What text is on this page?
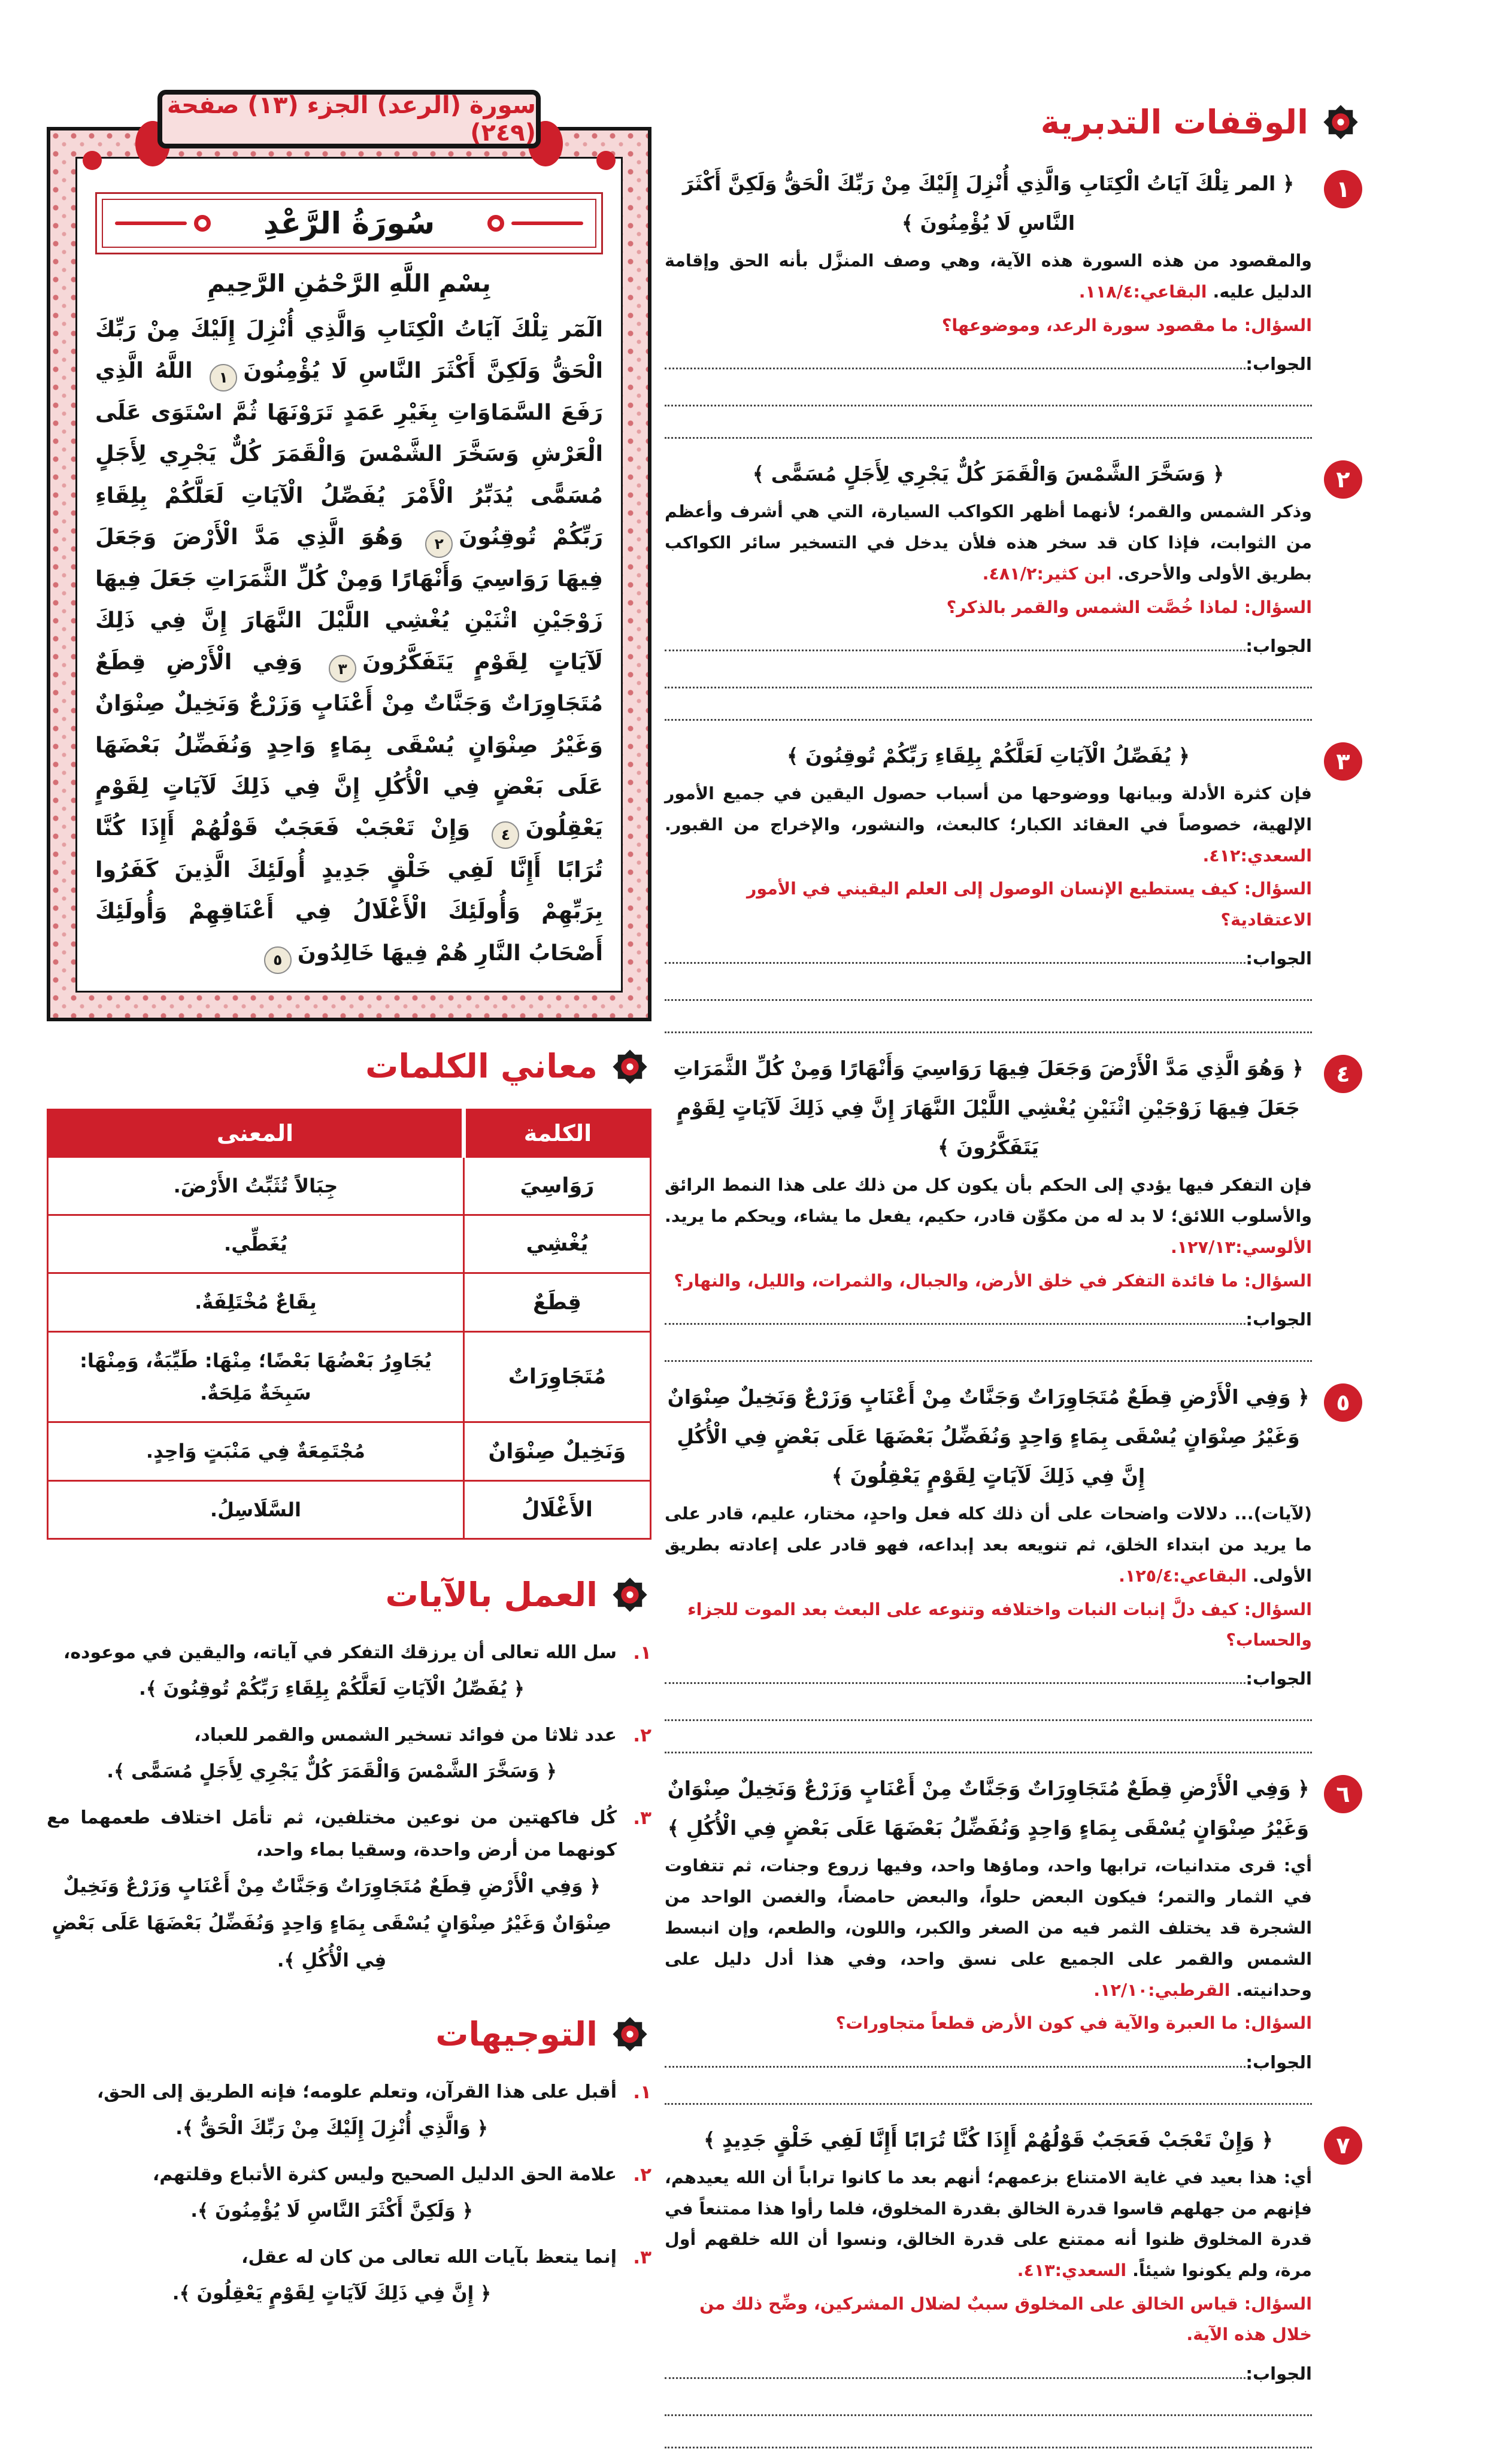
الوقفات التدبرية
١
﴿ المر تِلْكَ آيَاتُ الْكِتَابِ وَالَّذِي أُنْزِلَ إِلَيْكَ مِنْ رَبِّكَ الْحَقُّ وَلَكِنَّ أَكْثَرَ النَّاسِ لَا يُؤْمِنُونَ ﴾

والمقصود من هذه السورة هذه الآية، وهي وصف المنزَّل بأنه الحق وإقامة الدليل عليه. البقاعي:١١٨/٤.

السؤال: ما مقصود سورة الرعد، وموضوعها؟

الجواب:
٢
﴿ وَسَخَّرَ الشَّمْسَ وَالْقَمَرَ كُلٌّ يَجْرِي لِأَجَلٍ مُسَمًّى ﴾

وذكر الشمس والقمر؛ لأنهما أظهر الكواكب السيارة، التي هي أشرف وأعظم من الثوابت، فإذا كان قد سخر هذه فلأن يدخل في التسخير سائر الكواكب بطريق الأولى والأحرى. ابن كثير:٤٨١/٢.

السؤال: لماذا خُصَّت الشمس والقمر بالذكر؟

الجواب:
٣
﴿ يُفَصِّلُ الْآيَاتِ لَعَلَّكُمْ بِلِقَاءِ رَبِّكُمْ تُوقِنُونَ ﴾

فإن كثرة الأدلة وبيانها ووضوحها من أسباب حصول اليقين في جميع الأمور الإلهية، خصوصاً في العقائد الكبار؛ كالبعث، والنشور، والإخراج من القبور. السعدي:٤١٢.

السؤال: كيف يستطيع الإنسان الوصول إلى العلم اليقيني في الأمور الاعتقادية؟

الجواب:
٤
﴿ وَهُوَ الَّذِي مَدَّ الْأَرْضَ وَجَعَلَ فِيهَا رَوَاسِيَ وَأَنْهَارًا وَمِنْ كُلِّ الثَّمَرَاتِ جَعَلَ فِيهَا زَوْجَيْنِ اثْنَيْنِ يُغْشِي اللَّيْلَ النَّهَارَ إِنَّ فِي ذَلِكَ لَآيَاتٍ لِقَوْمٍ يَتَفَكَّرُونَ ﴾

فإن التفكر فيها يؤدي إلى الحكم بأن يكون كل من ذلك على هذا النمط الرائق والأسلوب اللائق؛ لا بد له من مكوِّن قادر، حكيم، يفعل ما يشاء، ويحكم ما يريد. الألوسي:١٢٧/١٣.

السؤال: ما فائدة التفكر في خلق الأرض، والجبال، والثمرات، والليل، والنهار؟

الجواب:
٥
﴿ وَفِي الْأَرْضِ قِطَعٌ مُتَجَاوِرَاتٌ وَجَنَّاتٌ مِنْ أَعْنَابٍ وَزَرْعٌ وَنَخِيلٌ صِنْوَانٌ وَغَيْرُ صِنْوَانٍ يُسْقَى بِمَاءٍ وَاحِدٍ وَنُفَضِّلُ بَعْضَهَا عَلَى بَعْضٍ فِي الْأُكُلِ إِنَّ فِي ذَلِكَ لَآيَاتٍ لِقَوْمٍ يَعْقِلُونَ ﴾

(لآيات)... دلالات واضحات على أن ذلك كله فعل واحدٍ، مختار، عليم، قادر على ما يريد من ابتداء الخلق، ثم تنويعه بعد إبداعه، فهو قادر على إعادته بطريق الأولى. البقاعي:١٢٥/٤.

السؤال: كيف دلَّ إنبات النبات واختلافه وتنوعه على البعث بعد الموت للجزاء والحساب؟

الجواب:
٦
﴿ وَفِي الْأَرْضِ قِطَعٌ مُتَجَاوِرَاتٌ وَجَنَّاتٌ مِنْ أَعْنَابٍ وَزَرْعٌ وَنَخِيلٌ صِنْوَانٌ وَغَيْرُ صِنْوَانٍ يُسْقَى بِمَاءٍ وَاحِدٍ وَنُفَضِّلُ بَعْضَهَا عَلَى بَعْضٍ فِي الْأُكُلِ ﴾

أي: قرى متدانيات، ترابها واحد، وماؤها واحد، وفيها زروع وجنات، ثم تتفاوت في الثمار والتمر؛ فيكون البعض حلواً، والبعض حامضاً، والغصن الواحد من الشجرة قد يختلف الثمر فيه من الصغر والكبر، واللون، والطعم، وإن انبسط الشمس والقمر على الجميع على نسق واحد، وفي هذا أدل دليل على وحدانيته. القرطبي:١٢/١٠.

السؤال: ما العبرة والآية في كون الأرض قطعاً متجاورات؟

الجواب:
٧
﴿ وَإِنْ تَعْجَبْ فَعَجَبٌ قَوْلُهُمْ أَإِذَا كُنَّا تُرَابًا أَإِنَّا لَفِي خَلْقٍ جَدِيدٍ ﴾

أي: هذا بعيد في غاية الامتناع بزعمهم؛ أنهم بعد ما كانوا تراباً أن الله يعيدهم، فإنهم من جهلهم قاسوا قدرة الخالق بقدرة المخلوق، فلما رأوا هذا ممتنعاً في قدرة المخلوق ظنوا أنه ممتنع على قدرة الخالق، ونسوا أن الله خلقهم أول مرة، ولم يكونوا شيئاً. السعدي:٤١٣.

السؤال: قياس الخالق على المخلوق سببٌ لضلال المشركين، وضِّح ذلك من خلال هذه الآية.

الجواب:
سورة (الرعد) الجزء (١٣) صفحة (٢٤٩)
سُورَةُ الرَّعْدِ
بِسْمِ اللَّهِ الرَّحْمَٰنِ الرَّحِيمِ

الٓمٓر تِلْكَ آيَاتُ الْكِتَابِ وَالَّذِي أُنْزِلَ إِلَيْكَ مِنْ رَبِّكَ الْحَقُّ وَلَكِنَّ أَكْثَرَ النَّاسِ لَا يُؤْمِنُونَ١ اللَّهُ الَّذِي رَفَعَ السَّمَاوَاتِ بِغَيْرِ عَمَدٍ تَرَوْنَهَا ثُمَّ اسْتَوَى عَلَى الْعَرْشِ وَسَخَّرَ الشَّمْسَ وَالْقَمَرَ كُلٌّ يَجْرِي لِأَجَلٍ مُسَمًّى يُدَبِّرُ الْأَمْرَ يُفَصِّلُ الْآيَاتِ لَعَلَّكُمْ بِلِقَاءِ رَبِّكُمْ تُوقِنُونَ٢ وَهُوَ الَّذِي مَدَّ الْأَرْضَ وَجَعَلَ فِيهَا رَوَاسِيَ وَأَنْهَارًا وَمِنْ كُلِّ الثَّمَرَاتِ جَعَلَ فِيهَا زَوْجَيْنِ اثْنَيْنِ يُغْشِي اللَّيْلَ النَّهَارَ إِنَّ فِي ذَلِكَ لَآيَاتٍ لِقَوْمٍ يَتَفَكَّرُونَ٣ وَفِي الْأَرْضِ قِطَعٌ مُتَجَاوِرَاتٌ وَجَنَّاتٌ مِنْ أَعْنَابٍ وَزَرْعٌ وَنَخِيلٌ صِنْوَانٌ وَغَيْرُ صِنْوَانٍ يُسْقَى بِمَاءٍ وَاحِدٍ وَنُفَضِّلُ بَعْضَهَا عَلَى بَعْضٍ فِي الْأُكُلِ إِنَّ فِي ذَلِكَ لَآيَاتٍ لِقَوْمٍ يَعْقِلُونَ٤ وَإِنْ تَعْجَبْ فَعَجَبٌ قَوْلُهُمْ أَإِذَا كُنَّا تُرَابًا أَإِنَّا لَفِي خَلْقٍ جَدِيدٍ أُولَئِكَ الَّذِينَ كَفَرُوا بِرَبِّهِمْ وَأُولَئِكَ الْأَغْلَالُ فِي أَعْنَاقِهِمْ وَأُولَئِكَ أَصْحَابُ النَّارِ هُمْ فِيهَا خَالِدُونَ٥

معاني الكلمات
الكلمة	المعنى
رَوَاسِيَ	جِبَالاً تُثَبِّتُ الأَرْضَ.
يُغْشِي	يُغَطِّي.
قِطَعٌ	بِقَاعٌ مُخْتَلِفَةٌ.
مُتَجَاوِرَاتٌ	يُجَاوِرُ بَعْضُهَا بَعْضًا؛ مِنْهَا: طَيِّبَةٌ، وَمِنْهَا: سَبِخَةٌ مَلِحَةٌ.
وَنَخِيلٌ صِنْوَانٌ	مُجْتَمِعَةٌ فِي مَنْبَتٍ وَاحِدٍ.
الأَغْلَالُ	السَّلَاسِلُ.
العمل بالآيات
١.
سل الله تعالى أن يرزقك التفكر في آياته، واليقين في موعوده،
﴿ يُفَصِّلُ الْآيَاتِ لَعَلَّكُمْ بِلِقَاءِ رَبِّكُمْ تُوقِنُونَ ﴾.
٢.
عدد ثلاثا من فوائد تسخير الشمس والقمر للعباد،
﴿ وَسَخَّرَ الشَّمْسَ وَالْقَمَرَ كُلٌّ يَجْرِي لِأَجَلٍ مُسَمًّى ﴾.
٣.
كُل فاكهتين من نوعين مختلفين، ثم تأمَل اختلاف طعمهما مع كونهما من أرض واحدة، وسقيا بماء واحد،
﴿ وَفِي الْأَرْضِ قِطَعٌ مُتَجَاوِرَاتٌ وَجَنَّاتٌ مِنْ أَعْنَابٍ وَزَرْعٌ وَنَخِيلٌ صِنْوَانٌ وَغَيْرُ صِنْوَانٍ يُسْقَى بِمَاءٍ وَاحِدٍ وَنُفَضِّلُ بَعْضَهَا عَلَى بَعْضٍ فِي الْأُكُلِ ﴾.
التوجيهات
١.
أقبل على هذا القرآن، وتعلم علومه؛ فإنه الطريق إلى الحق،
﴿ وَالَّذِي أُنْزِلَ إِلَيْكَ مِنْ رَبِّكَ الْحَقُّ ﴾.
٢.
علامة الحق الدليل الصحيح وليس كثرة الأتباع وقلتهم،
﴿ وَلَكِنَّ أَكْثَرَ النَّاسِ لَا يُؤْمِنُونَ ﴾.
٣.
إنما يتعظ بآيات الله تعالى من كان له عقل،
﴿ إِنَّ فِي ذَلِكَ لَآيَاتٍ لِقَوْمٍ يَعْقِلُونَ ﴾.
